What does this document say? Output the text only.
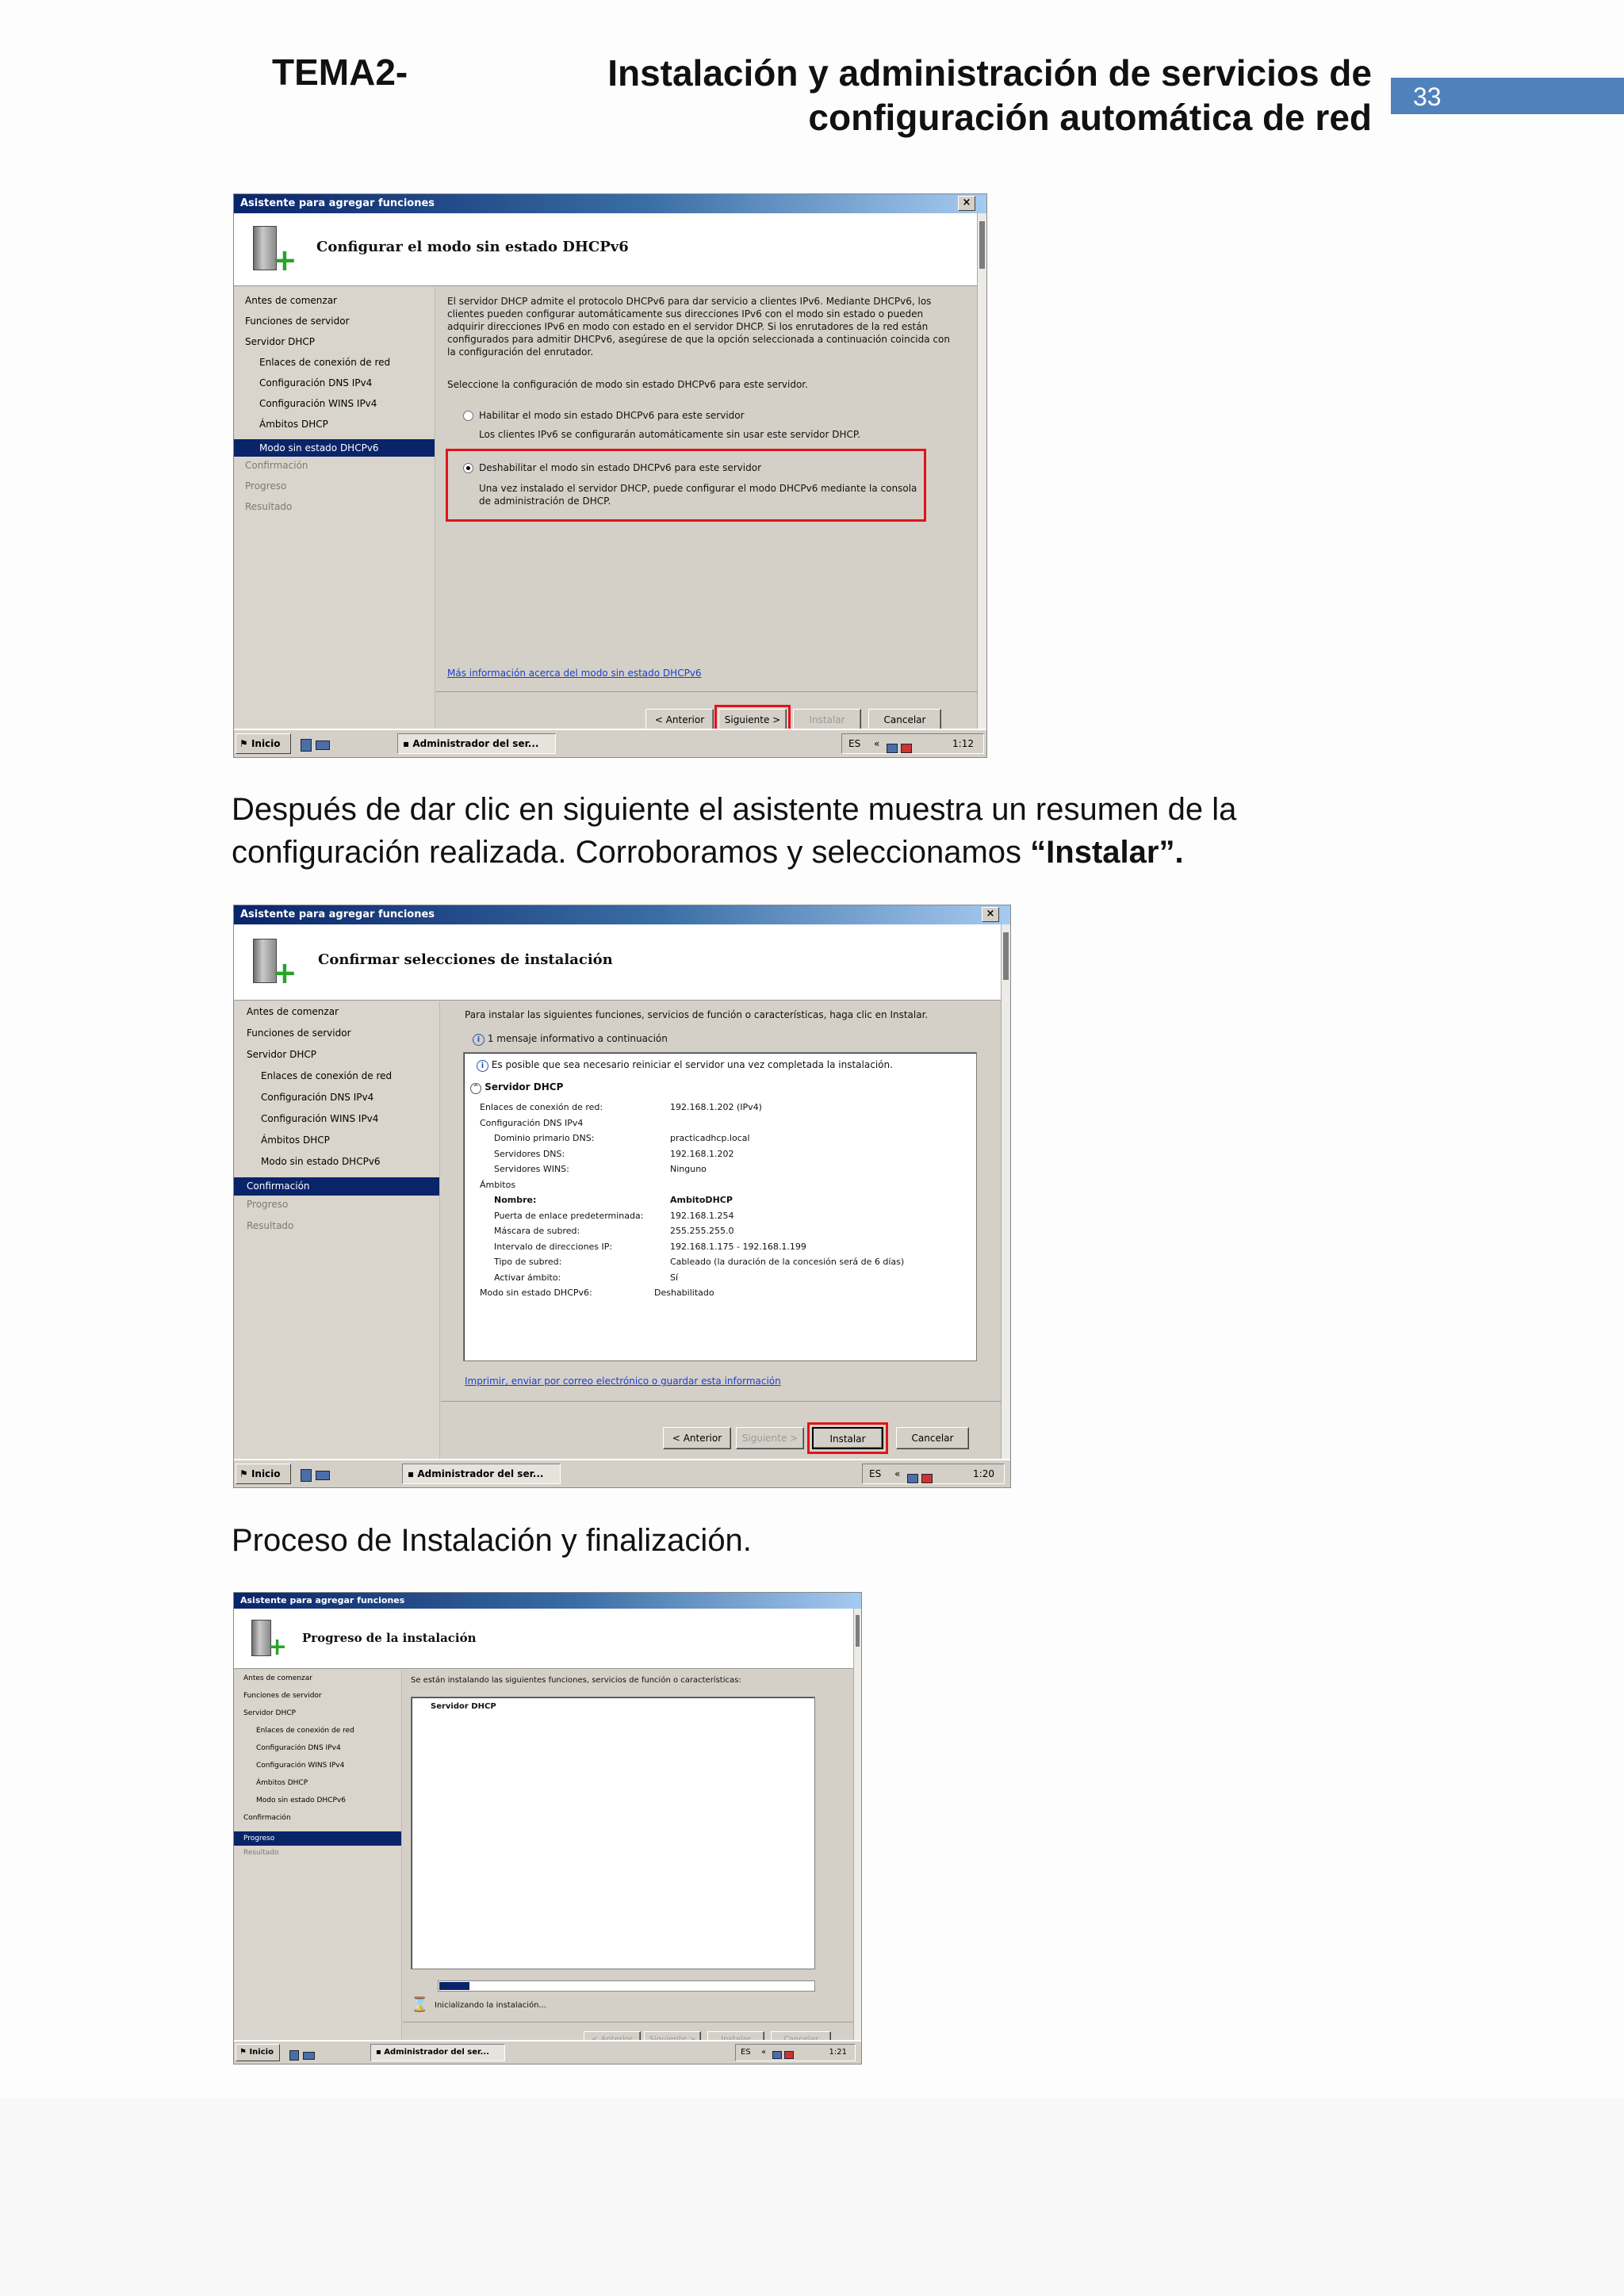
TEMA2-	Instalación y administración de servicios de
configuración automática de red	33
Asistente para agregar funciones	×
+ Configurar el modo sin estado DHCPv6
Antes de comenzar
Funciones de servidor
Servidor DHCP
Enlaces de conexión de red
Configuración DNS IPv4
Configuración WINS IPv4
Ámbitos DHCP
Modo sin estado DHCPv6
Confirmación
Progreso
Resultado
El servidor DHCP admite el protocolo DHCPv6 para dar servicio a clientes IPv6. Mediante DHCPv6, los clientes pueden configurar automáticamente sus direcciones IPv6 con el modo sin estado o pueden adquirir direcciones IPv6 en modo con estado en el servidor DHCP. Si los enrutadores de la red están configurados para admitir DHCPv6, asegúrese de que la opción seleccionada a continuación coincida con la configuración del enrutador.
Seleccione la configuración de modo sin estado DHCPv6 para este servidor.
Habilitar el modo sin estado DHCPv6 para este servidor
Los clientes IPv6 se configurarán automáticamente sin usar este servidor DHCP.
Deshabilitar el modo sin estado DHCPv6 para este servidor
Una vez instalado el servidor DHCP, puede configurar el modo DHCPv6 mediante la consola de administración de DHCP.
Más información acerca del modo sin estado DHCPv6
< Anterior	Siguiente >	Instalar	Cancelar
⚑ Inicio
	▪ Administrador del ser...	ES «
	1:12
Después de dar clic en siguiente el asistente muestra un resumen de la configuración realizada. Corroboramos y seleccionamos “Instalar”.
Asistente para agregar funciones	×
+ Confirmar selecciones de instalación
Antes de comenzar
Funciones de servidor
Servidor DHCP
Enlaces de conexión de red
Configuración DNS IPv4
Configuración WINS IPv4
Ámbitos DHCP
Modo sin estado DHCPv6
Confirmación
Progreso
Resultado
Para instalar las siguientes funciones, servicios de función o características, haga clic en Instalar.
i 1 mensaje informativo a continuación
i Es posible que sea necesario reiniciar el servidor una vez completada la instalación.
⌃ Servidor DHCP
Enlaces de conexión de red:	192.168.1.202 (IPv4)
Configuración DNS IPv4
Dominio primario DNS:	practicadhcp.local
Servidores DNS:	192.168.1.202
Servidores WINS:	Ninguno
Ámbitos
Nombre:	AmbitoDHCP
Puerta de enlace predeterminada:	192.168.1.254
Máscara de subred:	255.255.255.0
Intervalo de direcciones IP:	192.168.1.175 - 192.168.1.199
Tipo de subred:	Cableado (la duración de la concesión será de 6 días)
Activar ámbito:	Sí
Modo sin estado DHCPv6:	Deshabilitado
Imprimir, enviar por correo electrónico o guardar esta información
< Anterior	Siguiente >	Instalar	Cancelar
⚑ Inicio
	▪ Administrador del ser...	ES «
	1:20
Proceso de Instalación y finalización.
Asistente para agregar funciones
+ Progreso de la instalación
Antes de comenzar
Funciones de servidor
Servidor DHCP
Enlaces de conexión de red
Configuración DNS IPv4
Configuración WINS IPv4
Ámbitos DHCP
Modo sin estado DHCPv6
Confirmación
Progreso
Resultado
Se están instalando las siguientes funciones, servicios de función o características:
Servidor DHCP
⌛ Inicializando la instalación...
⚑ Inicio
	▪ Administrador del ser...	ES «
	1:21
